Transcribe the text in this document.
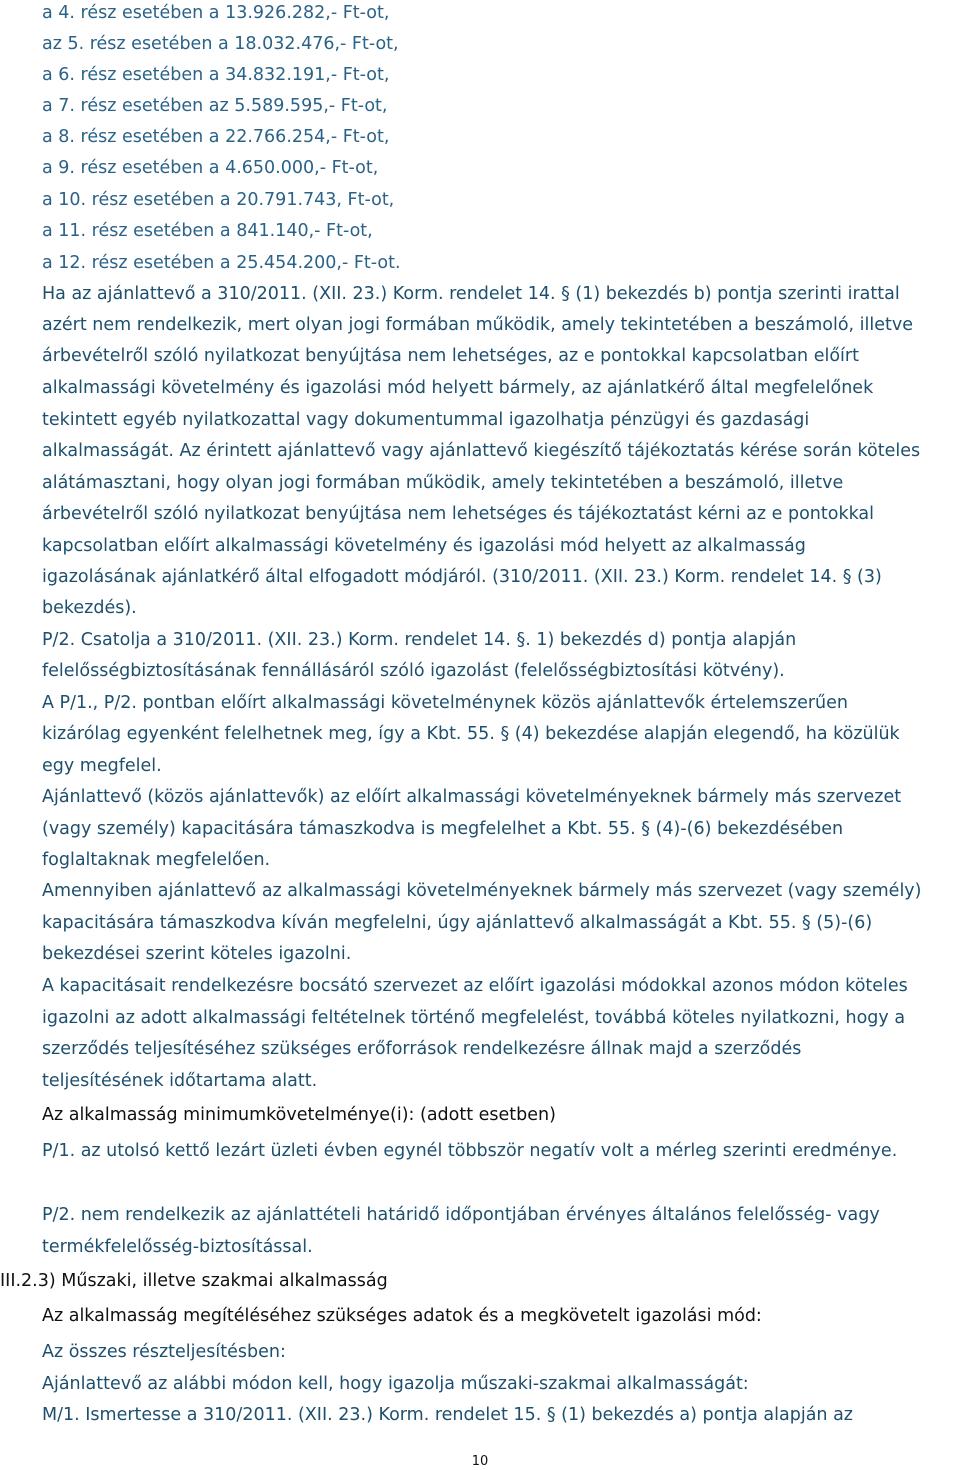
a 4. rész esetében a 13.926.282,- Ft-ot,
az 5. rész esetében a 18.032.476,- Ft-ot,
a 6. rész esetében a 34.832.191,- Ft-ot,
a 7. rész esetében az 5.589.595,- Ft-ot,
a 8. rész esetében a 22.766.254,- Ft-ot,
a 9. rész esetében a 4.650.000,- Ft-ot,
a 10. rész esetében a 20.791.743, Ft-ot,
a 11. rész esetében a 841.140,- Ft-ot,
a 12. rész esetében a 25.454.200,- Ft-ot.
Ha az ajánlattevő a 310/2011. (XII. 23.) Korm. rendelet 14. § (1) bekezdés b) pontja szerinti irattal
azért nem rendelkezik, mert olyan jogi formában működik, amely tekintetében a beszámoló, illetve
árbevételről szóló nyilatkozat benyújtása nem lehetséges, az e pontokkal kapcsolatban előírt
alkalmassági követelmény és igazolási mód helyett bármely, az ajánlatkérő által megfelelőnek
tekintett egyéb nyilatkozattal vagy dokumentummal igazolhatja pénzügyi és gazdasági
alkalmasságát. Az érintett ajánlattevő vagy ajánlattevő kiegészítő tájékoztatás kérése során köteles
alátámasztani, hogy olyan jogi formában működik, amely tekintetében a beszámoló, illetve
árbevételről szóló nyilatkozat benyújtása nem lehetséges és tájékoztatást kérni az e pontokkal
kapcsolatban előírt alkalmassági követelmény és igazolási mód helyett az alkalmasság
igazolásának ajánlatkérő által elfogadott módjáról. (310/2011. (XII. 23.) Korm. rendelet 14. § (3)
bekezdés).
P/2. Csatolja a 310/2011. (XII. 23.) Korm. rendelet 14. §. 1) bekezdés d) pontja alapján
felelősségbiztosításának fennállásáról szóló igazolást (felelősségbiztosítási kötvény).
A P/1., P/2. pontban előírt alkalmassági követelménynek közös ajánlattevők értelemszerűen
kizárólag egyenként felelhetnek meg, így a Kbt. 55. § (4) bekezdése alapján elegendő, ha közülük
egy megfelel.
Ajánlattevő (közös ajánlattevők) az előírt alkalmassági követelményeknek bármely más szervezet
(vagy személy) kapacitására támaszkodva is megfelelhet a Kbt. 55. § (4)-(6) bekezdésében
foglaltaknak megfelelően.
Amennyiben ajánlattevő az alkalmassági követelményeknek bármely más szervezet (vagy személy)
kapacitására támaszkodva kíván megfelelni, úgy ajánlattevő alkalmasságát a Kbt. 55. § (5)-(6)
bekezdései szerint köteles igazolni.
A kapacitásait rendelkezésre bocsátó szervezet az előírt igazolási módokkal azonos módon köteles
igazolni az adott alkalmassági feltételnek történő megfelelést, továbbá köteles nyilatkozni, hogy a
szerződés teljesítéséhez szükséges erőforrások rendelkezésre állnak majd a szerződés
teljesítésének időtartama alatt.
Az alkalmasság minimumkövetelménye(i): (adott esetben)
P/1. az utolsó kettő lezárt üzleti évben egynél többször negatív volt a mérleg szerinti eredménye.
P/2. nem rendelkezik az ajánlattételi határidő időpontjában érvényes általános felelősség- vagy
termékfelelősség-biztosítással.
III.2.3) Műszaki, illetve szakmai alkalmasság
Az alkalmasság megítéléséhez szükséges adatok és a megkövetelt igazolási mód:
Az összes részteljesítésben:
Ajánlattevő az alábbi módon kell, hogy igazolja műszaki-szakmai alkalmasságát:
M/1. Ismertesse a 310/2011. (XII. 23.) Korm. rendelet 15. § (1) bekezdés a) pontja alapján az
10
